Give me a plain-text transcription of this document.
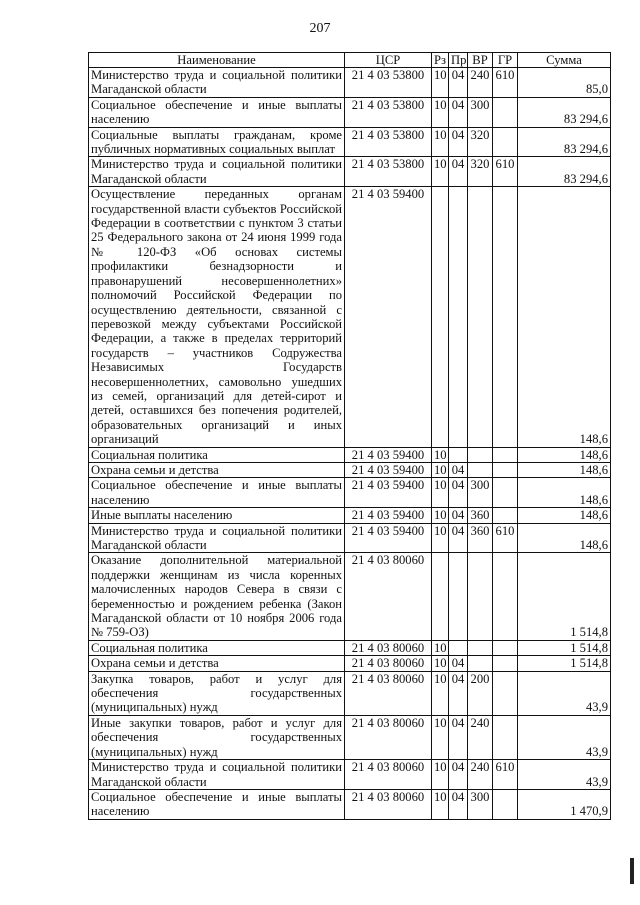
207
Наименование	ЦСР	Рз	Пр	ВР	ГР	Сумма
Министерство труда и социальной политики Магаданской области	21 4 03 53800	10	04	240	610	85,0
Социальное обеспечение и иные выплаты населению	21 4 03 53800	10	04	300		83 294,6
Социальные выплаты гражданам, кроме публичных нормативных социальных выплат	21 4 03 53800	10	04	320		83 294,6
Министерство труда и социальной политики Магаданской области	21 4 03 53800	10	04	320	610	83 294,6
Осуществление переданных органам государственной власти субъектов Российской Федерации в соответствии с пунктом 3 статьи 25 Федерального закона от 24 июня 1999 года № 120-ФЗ «Об основах системы профилактики безнадзорности и правонарушений несовершеннолетних» полномочий Российской Федерации по осуществлению деятельности, связанной с перевозкой между субъектами Российской Федерации, а также в пределах территорий государств – участников Содружества Независимых Государств несовершеннолетних, самовольно ушедших из семей, организаций для детей-сирот и детей, оставшихся без попечения родителей, образовательных организаций и иных организаций	21 4 03 59400					148,6
Социальная политика	21 4 03 59400	10				148,6
Охрана семьи и детства	21 4 03 59400	10	04			148,6
Социальное обеспечение и иные выплаты населению	21 4 03 59400	10	04	300		148,6
Иные выплаты населению	21 4 03 59400	10	04	360		148,6
Министерство труда и социальной политики Магаданской области	21 4 03 59400	10	04	360	610	148,6
Оказание дополнительной материальной поддержки женщинам из числа коренных малочисленных народов Севера в связи с беременностью и рождением ребенка (Закон Магаданской области от 10 ноября 2006 года № 759-ОЗ)	21 4 03 80060					1 514,8
Социальная политика	21 4 03 80060	10				1 514,8
Охрана семьи и детства	21 4 03 80060	10	04			1 514,8
Закупка товаров, работ и услуг для обеспечения государственных (муниципальных) нужд	21 4 03 80060	10	04	200		43,9
Иные закупки товаров, работ и услуг для обеспечения государственных (муниципальных) нужд	21 4 03 80060	10	04	240		43,9
Министерство труда и социальной политики Магаданской области	21 4 03 80060	10	04	240	610	43,9
Социальное обеспечение и иные выплаты населению	21 4 03 80060	10	04	300		1 470,9
